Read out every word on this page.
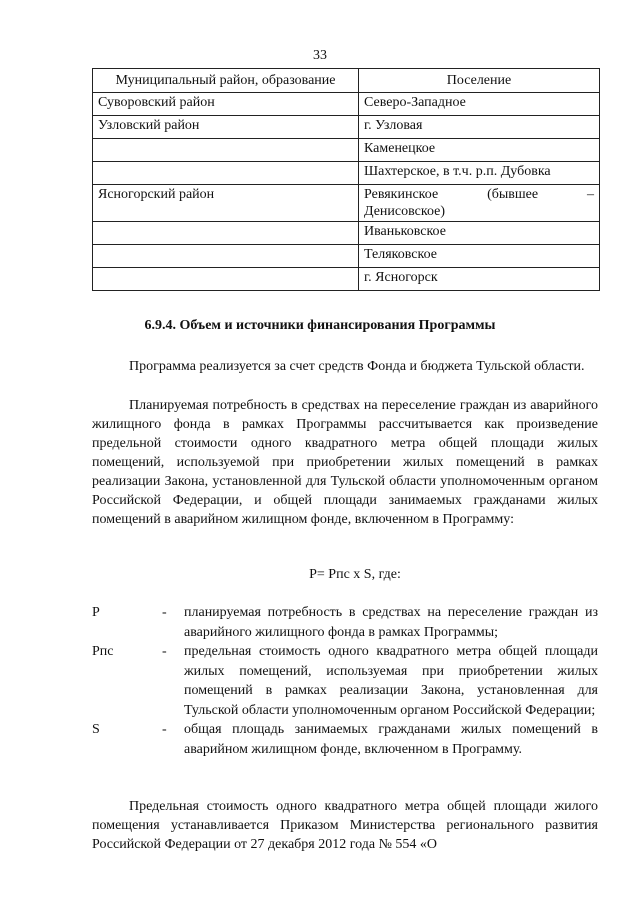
33
Муниципальный район, образование	Поселение
Суворовский район	Северо-Западное
Узловский район	г. Узловая
	Каменецкое
	Шахтерское, в т.ч. р.п. Дубовка
Ясногорский район	Ревякинское (бывшее –
Денисовское)

	Иваньковское
	Теляковское
	г. Ясногорск
6.9.4. Объем и источники финансирования Программы

Программа реализуется за счет средств Фонда и бюджета Тульской области.

Планируемая потребность в средствах на переселение граждан из аварийного жилищного фонда в рамках Программы рассчитывается как произведение предельной стоимости одного квадратного метра общей площади жилых помещений, используемой при приобретении жилых помещений в рамках реализации Закона, установленной для Тульской области уполномоченным органом Российской Федерации, и общей площади занимаемых гражданами жилых помещений в аварийном жилищном фонде, включенном в Программу:

P= Рпс х S, где:
Р	-	планируемая потребность в средствах на переселение граждан из аварийного жилищного фонда в рамках Программы;
Рпс	-	предельная стоимость одного квадратного метра общей площади жилых помещений, используемая при приобретении жилых помещений в рамках реализации Закона, установленная для Тульской области уполномоченным органом Российской Федерации;
S	-	общая площадь занимаемых гражданами жилых помещений в аварийном жилищном фонде, включенном в Программу.

Предельная стоимость одного квадратного метра общей площади жилого помещения устанавливается Приказом Министерства регионального развития Российской Федерации от 27 декабря 2012 года № 554 «О
